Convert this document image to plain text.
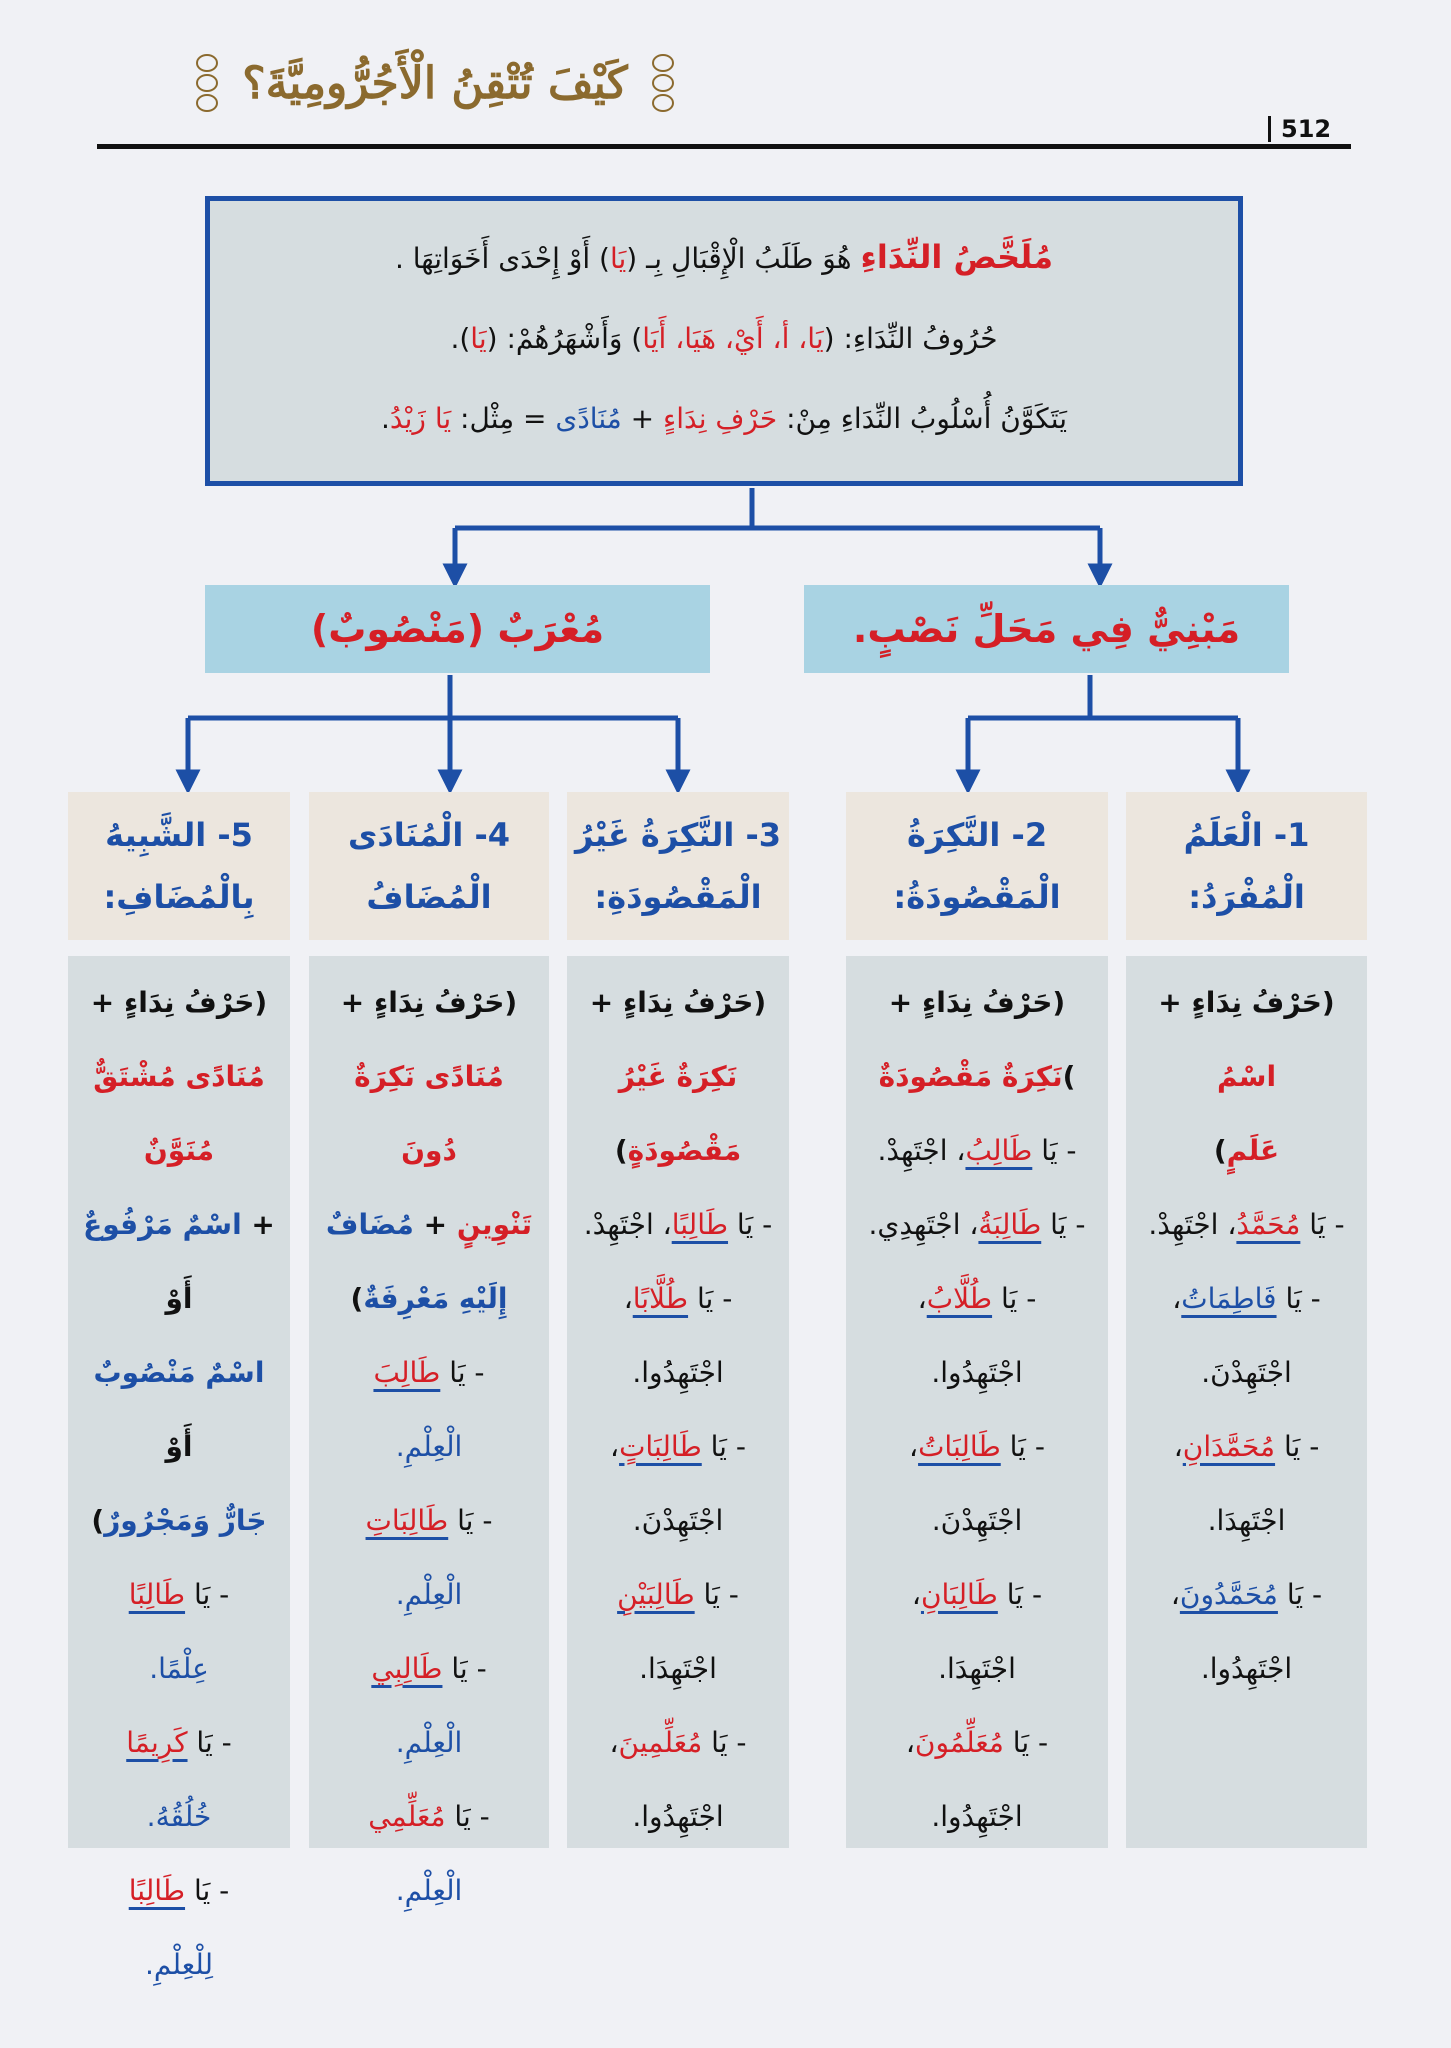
كَيْفَ تُتْقِنُ الْأَجُرُّومِيَّةَ؟
512
مُلَخَّصُ النِّدَاءِ هُوَ طَلَبُ الْإِقْبَالِ بِـ (يَا) أَوْ إِحْدَى أَخَوَاتِهَا .
حُرُوفُ النِّدَاءِ: (يَا، أ، أَيْ، هَيَا، أَيَا) وَأَشْهَرُهُمْ: (يَا).
يَتَكَوَّنُ أُسْلُوبُ النِّدَاءِ مِنْ: حَرْفِ نِدَاءٍ + مُنَادًى = مِثْل: يَا زَيْدُ.
مُعْرَبٌ (مَنْصُوبٌ)	مَبْنِيٌّ فِي مَحَلِّ نَصْبٍ.
1- الْعَلَمُ
الْمُفْرَدُ:
2- النَّكِرَةُ
الْمَقْصُودَةُ:
3- النَّكِرَةُ غَيْرُ
الْمَقْصُودَةِ:
4- الْمُنَادَى
الْمُضَافُ
5- الشَّبِيهُ
بِالْمُضَافِ:
(حَرْفُ نِدَاءٍ + اسْمُ
عَلَمٍ)
- يَا مُحَمَّدُ، اجْتَهِدْ.
- يَا فَاطِمَاتُ،
اجْتَهِدْنَ.
- يَا مُحَمَّدَانِ،
اجْتَهِدَا.
- يَا مُحَمَّدُونَ،
اجْتَهِدُوا.
(حَرْفُ نِدَاءٍ +
)نَكِرَةٌ مَقْصُودَةٌ
- يَا طَالِبُ، اجْتَهِدْ.
- يَا طَالِبَةُ، اجْتَهِدِي.
- يَا طُلَّابُ،
اجْتَهِدُوا.
- يَا طَالِبَاتُ،
اجْتَهِدْنَ.
- يَا طَالِبَانِ،
اجْتَهِدَا.
- يَا مُعَلِّمُونَ،
اجْتَهِدُوا.
(حَرْفُ نِدَاءٍ +
نَكِرَةٌ غَيْرُ
مَقْصُودَةٍ)
- يَا طَالِبًا، اجْتَهِدْ.
- يَا طُلَّابًا،
اجْتَهِدُوا.
- يَا طَالِبَاتٍ،
اجْتَهِدْنَ.
- يَا طَالِبَيْنِ
اجْتَهِدَا.
- يَا مُعَلِّمِينَ،
اجْتَهِدُوا.
(حَرْفُ نِدَاءٍ +
مُنَادًى نَكِرَةٌ دُونَ
تَنْوِينٍ + مُضَافٌ
إِلَيْهِ مَعْرِفَةٌ)
- يَا طَالِبَ
الْعِلْمِ.
- يَا طَالِبَاتِ
الْعِلْمِ.
- يَا طَالِبِي
الْعِلْمِ.
- يَا مُعَلِّمِي
الْعِلْمِ.
(حَرْفُ نِدَاءٍ +
مُنَادًى مُشْتَقٌّ مُنَوَّنٌ
+ اسْمٌ مَرْفُوعٌ أَوْ
اسْمٌ مَنْصُوبٌ أَوْ
جَارٌّ وَمَجْرُورٌ)
- يَا طَالِبًا
عِلْمًا.
- يَا كَرِيمًا
خُلُقُهُ.
- يَا طَالِبًا
لِلْعِلْمِ.
